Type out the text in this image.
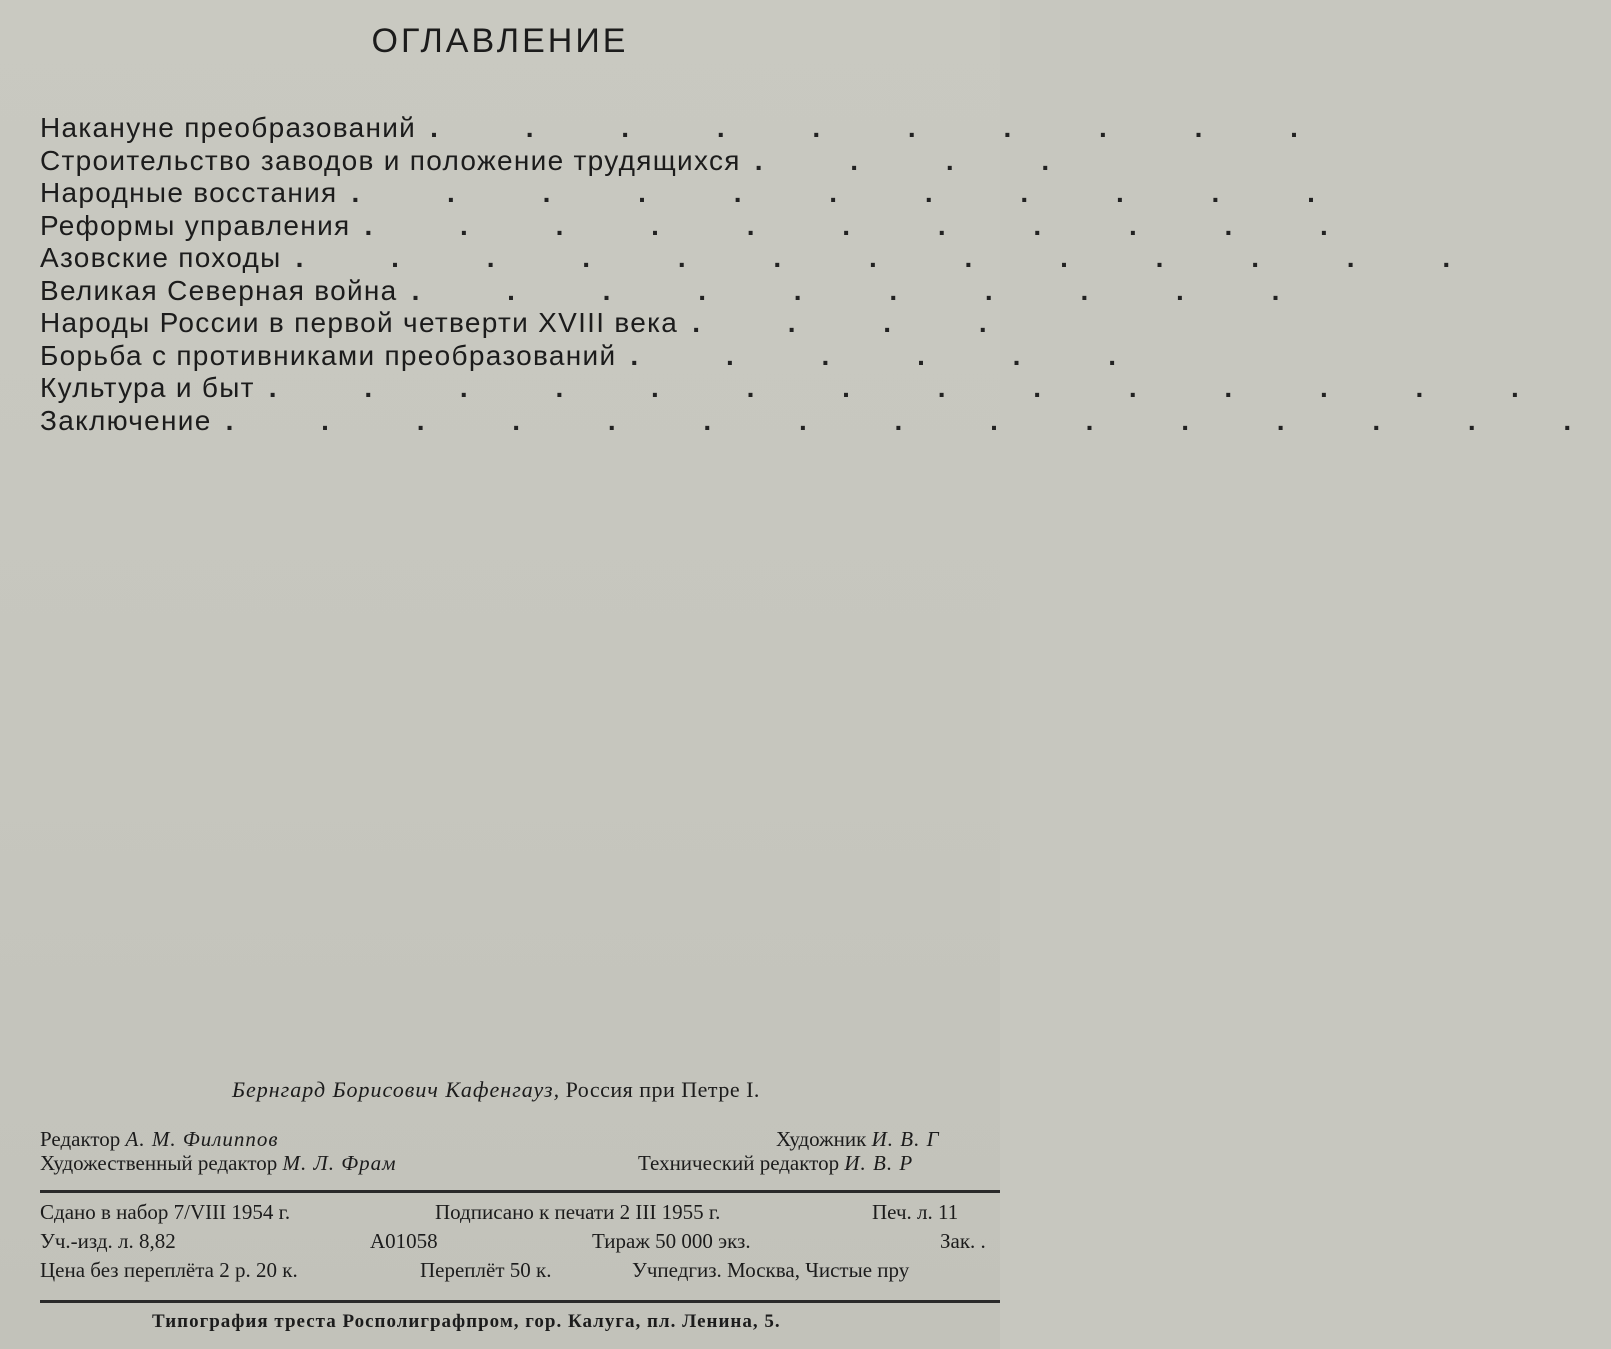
ОГЛАВЛЕНИЕ
Накануне преобразований . . . . . . . . . .
Строительство заводов и положение трудящихся . . . .
Народные восстания . . . . . . . . . . .
Реформы управления . . . . . . . . . . .
Азовские походы . . . . . . . . . . . . .
Великая Северная война . . . . . . . . . .
Народы России в первой четверти XVIII века . . . .
Борьба с противниками преобразований . . . . . .
Культура и быт . . . . . . . . . . . . . .
Заключение . . . . . . . . . . . . . . .
Бернгард Борисович Кафенгауз, Россия при Петре I.
Редактор А. М. Филиппов	Художник И. В. Г
Художественный редактор М. Л. Фрам	Технический редактор И. В. Р
Сдано в набор 7/VIII 1954 г.	Подписано к печати 2 III 1955 г.	Печ. л. 11
Уч.-изд. л. 8,82	А01058	Тираж 50 000 экз.	Зак. .
Цена без переплёта 2 р. 20 к.	Переплёт 50 к.	Учпедгиз. Москва, Чистые пру
Типография треста Росполиграфпром, гор. Калуга, пл. Ленина, 5.
